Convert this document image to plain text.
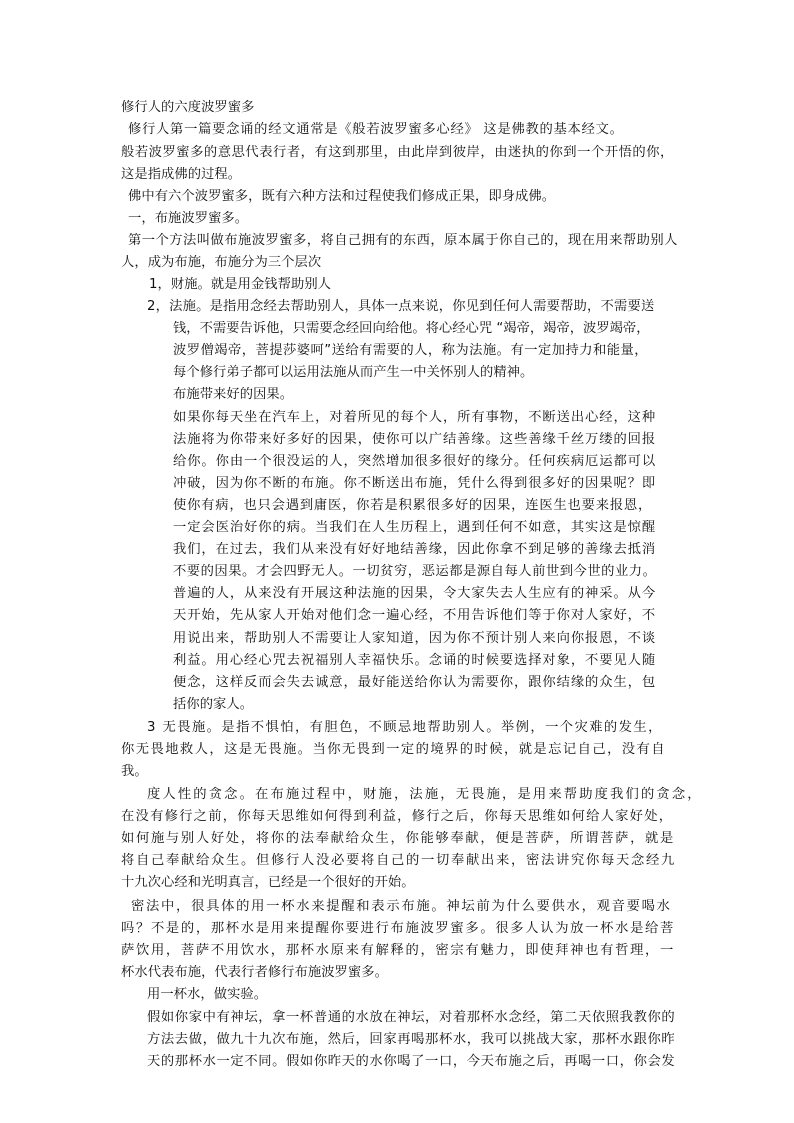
修行人的六度波罗蜜多
修行人第一篇要念诵的经文通常是《般若波罗蜜多心经》 这是佛教的基本经文。
般若波罗蜜多的意思代表行者，有这到那里，由此岸到彼岸，由迷执的你到一个开悟的你，
这是指成佛的过程。
佛中有六个波罗蜜多，既有六种方法和过程使我们修成正果，即身成佛。
一，布施波罗蜜多。
第一个方法叫做布施波罗蜜多，将自己拥有的东西，原本属于你自己的，现在用来帮助别人
人，成为布施，布施分为三个层次
1，财施。就是用金钱帮助别人
2，法施。是指用念经去帮助别人，具体一点来说，你见到任何人需要帮助，不需要送
钱，不需要告诉他，只需要念经回向给他。将心经心咒 “竭帝，竭帝，波罗竭帝，
波罗僧竭帝，菩提莎婆呵”送给有需要的人，称为法施。有一定加持力和能量，
每个修行弟子都可以运用法施从而产生一中关怀别人的精神。
布施带来好的因果。
如果你每天坐在汽车上，对着所见的每个人，所有事物，不断送出心经，这种
法施将为你带来好多好的因果，使你可以广结善缘。这些善缘千丝万缕的回报
给你。你由一个很没运的人，突然增加很多很好的缘分。任何疾病厄运都可以
冲破，因为你不断的布施。你不断送出布施，凭什么得到很多好的因果呢？即
使你有病，也只会遇到庸医，你若是积累很多好的因果，连医生也要来报恩，
一定会医治好你的病。当我们在人生历程上，遇到任何不如意，其实这是惊醒
我们，在过去，我们从来没有好好地结善缘，因此你拿不到足够的善缘去抵消
不要的因果。才会四野无人。一切贫穷，恶运都是源自每人前世到今世的业力。
普遍的人，从来没有开展这种法施的因果，令大家失去人生应有的神采。从今
天开始，先从家人开始对他们念一遍心经，不用告诉他们等于你对人家好，不
用说出来，帮助别人不需要让人家知道，因为你不预计别人来向你报恩，不谈
利益。用心经心咒去祝福别人幸福快乐。念诵的时候要选择对象，不要见人随
便念，这样反而会失去诚意，最好能送给你认为需要你，跟你结缘的众生，包
括你的家人。
3 无畏施。是指不惧怕，有胆色，不顾忌地帮助别人。举例，一个灾难的发生，
你无畏地救人，这是无畏施。当你无畏到一定的境界的时候，就是忘记自己，没有自
我。
度人性的贪念。在布施过程中，财施，法施，无畏施，是用来帮助度我们的贪念，
在没有修行之前，你每天思维如何得到利益，修行之后，你每天思维如何给人家好处，
如何施与别人好处，将你的法奉献给众生，你能够奉献，便是菩萨，所谓菩萨，就是
将自己奉献给众生。但修行人没必要将自己的一切奉献出来，密法讲究你每天念经九
十九次心经和光明真言，已经是一个很好的开始。
密法中，很具体的用一杯水来提醒和表示布施。神坛前为什么要供水，观音要喝水
吗？不是的，那杯水是用来提醒你要进行布施波罗蜜多。很多人认为放一杯水是给菩
萨饮用，菩萨不用饮水，那杯水原来有解释的，密宗有魅力，即使拜神也有哲理，一
杯水代表布施，代表行者修行布施波罗蜜多。
用一杯水，做实验。
假如你家中有神坛，拿一杯普通的水放在神坛，对着那杯水念经，第二天依照我教你的
方法去做，做九十九次布施，然后，回家再喝那杯水，我可以挑战大家，那杯水跟你昨
天的那杯水一定不同。假如你昨天的水你喝了一口，今天布施之后，再喝一口，你会发
